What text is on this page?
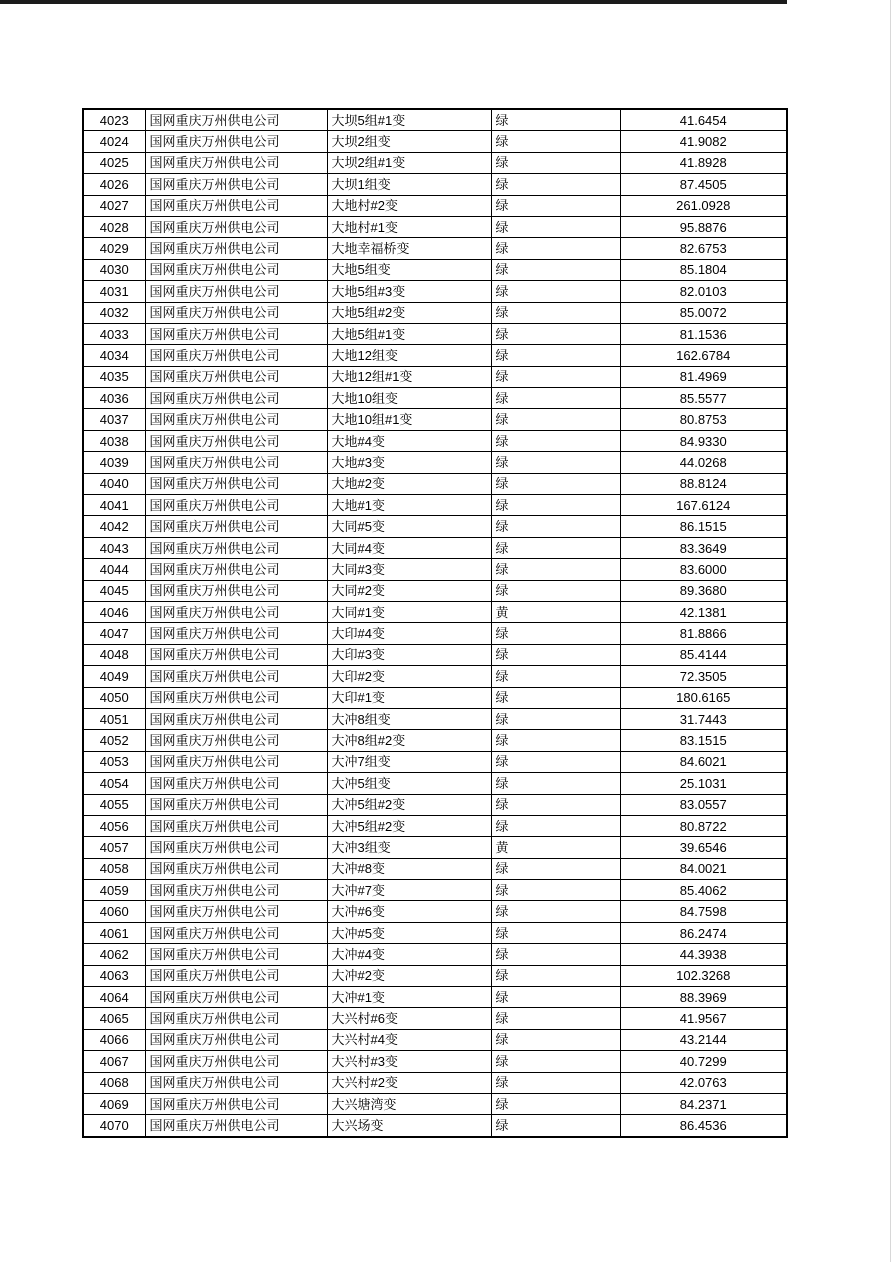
4023	国网重庆万州供电公司	大坝5组#1变	绿	41.6454
4024	国网重庆万州供电公司	大坝2组变	绿	41.9082
4025	国网重庆万州供电公司	大坝2组#1变	绿	41.8928
4026	国网重庆万州供电公司	大坝1组变	绿	87.4505
4027	国网重庆万州供电公司	大地村#2变	绿	261.0928
4028	国网重庆万州供电公司	大地村#1变	绿	95.8876
4029	国网重庆万州供电公司	大地幸福桥变	绿	82.6753
4030	国网重庆万州供电公司	大地5组变	绿	85.1804
4031	国网重庆万州供电公司	大地5组#3变	绿	82.0103
4032	国网重庆万州供电公司	大地5组#2变	绿	85.0072
4033	国网重庆万州供电公司	大地5组#1变	绿	81.1536
4034	国网重庆万州供电公司	大地12组变	绿	162.6784
4035	国网重庆万州供电公司	大地12组#1变	绿	81.4969
4036	国网重庆万州供电公司	大地10组变	绿	85.5577
4037	国网重庆万州供电公司	大地10组#1变	绿	80.8753
4038	国网重庆万州供电公司	大地#4变	绿	84.9330
4039	国网重庆万州供电公司	大地#3变	绿	44.0268
4040	国网重庆万州供电公司	大地#2变	绿	88.8124
4041	国网重庆万州供电公司	大地#1变	绿	167.6124
4042	国网重庆万州供电公司	大同#5变	绿	86.1515
4043	国网重庆万州供电公司	大同#4变	绿	83.3649
4044	国网重庆万州供电公司	大同#3变	绿	83.6000
4045	国网重庆万州供电公司	大同#2变	绿	89.3680
4046	国网重庆万州供电公司	大同#1变	黄	42.1381
4047	国网重庆万州供电公司	大印#4变	绿	81.8866
4048	国网重庆万州供电公司	大印#3变	绿	85.4144
4049	国网重庆万州供电公司	大印#2变	绿	72.3505
4050	国网重庆万州供电公司	大印#1变	绿	180.6165
4051	国网重庆万州供电公司	大冲8组变	绿	31.7443
4052	国网重庆万州供电公司	大冲8组#2变	绿	83.1515
4053	国网重庆万州供电公司	大冲7组变	绿	84.6021
4054	国网重庆万州供电公司	大冲5组变	绿	25.1031
4055	国网重庆万州供电公司	大冲5组#2变	绿	83.0557
4056	国网重庆万州供电公司	大冲5组#2变	绿	80.8722
4057	国网重庆万州供电公司	大冲3组变	黄	39.6546
4058	国网重庆万州供电公司	大冲#8变	绿	84.0021
4059	国网重庆万州供电公司	大冲#7变	绿	85.4062
4060	国网重庆万州供电公司	大冲#6变	绿	84.7598
4061	国网重庆万州供电公司	大冲#5变	绿	86.2474
4062	国网重庆万州供电公司	大冲#4变	绿	44.3938
4063	国网重庆万州供电公司	大冲#2变	绿	102.3268
4064	国网重庆万州供电公司	大冲#1变	绿	88.3969
4065	国网重庆万州供电公司	大兴村#6变	绿	41.9567
4066	国网重庆万州供电公司	大兴村#4变	绿	43.2144
4067	国网重庆万州供电公司	大兴村#3变	绿	40.7299
4068	国网重庆万州供电公司	大兴村#2变	绿	42.0763
4069	国网重庆万州供电公司	大兴塘湾变	绿	84.2371
4070	国网重庆万州供电公司	大兴场变	绿	86.4536
